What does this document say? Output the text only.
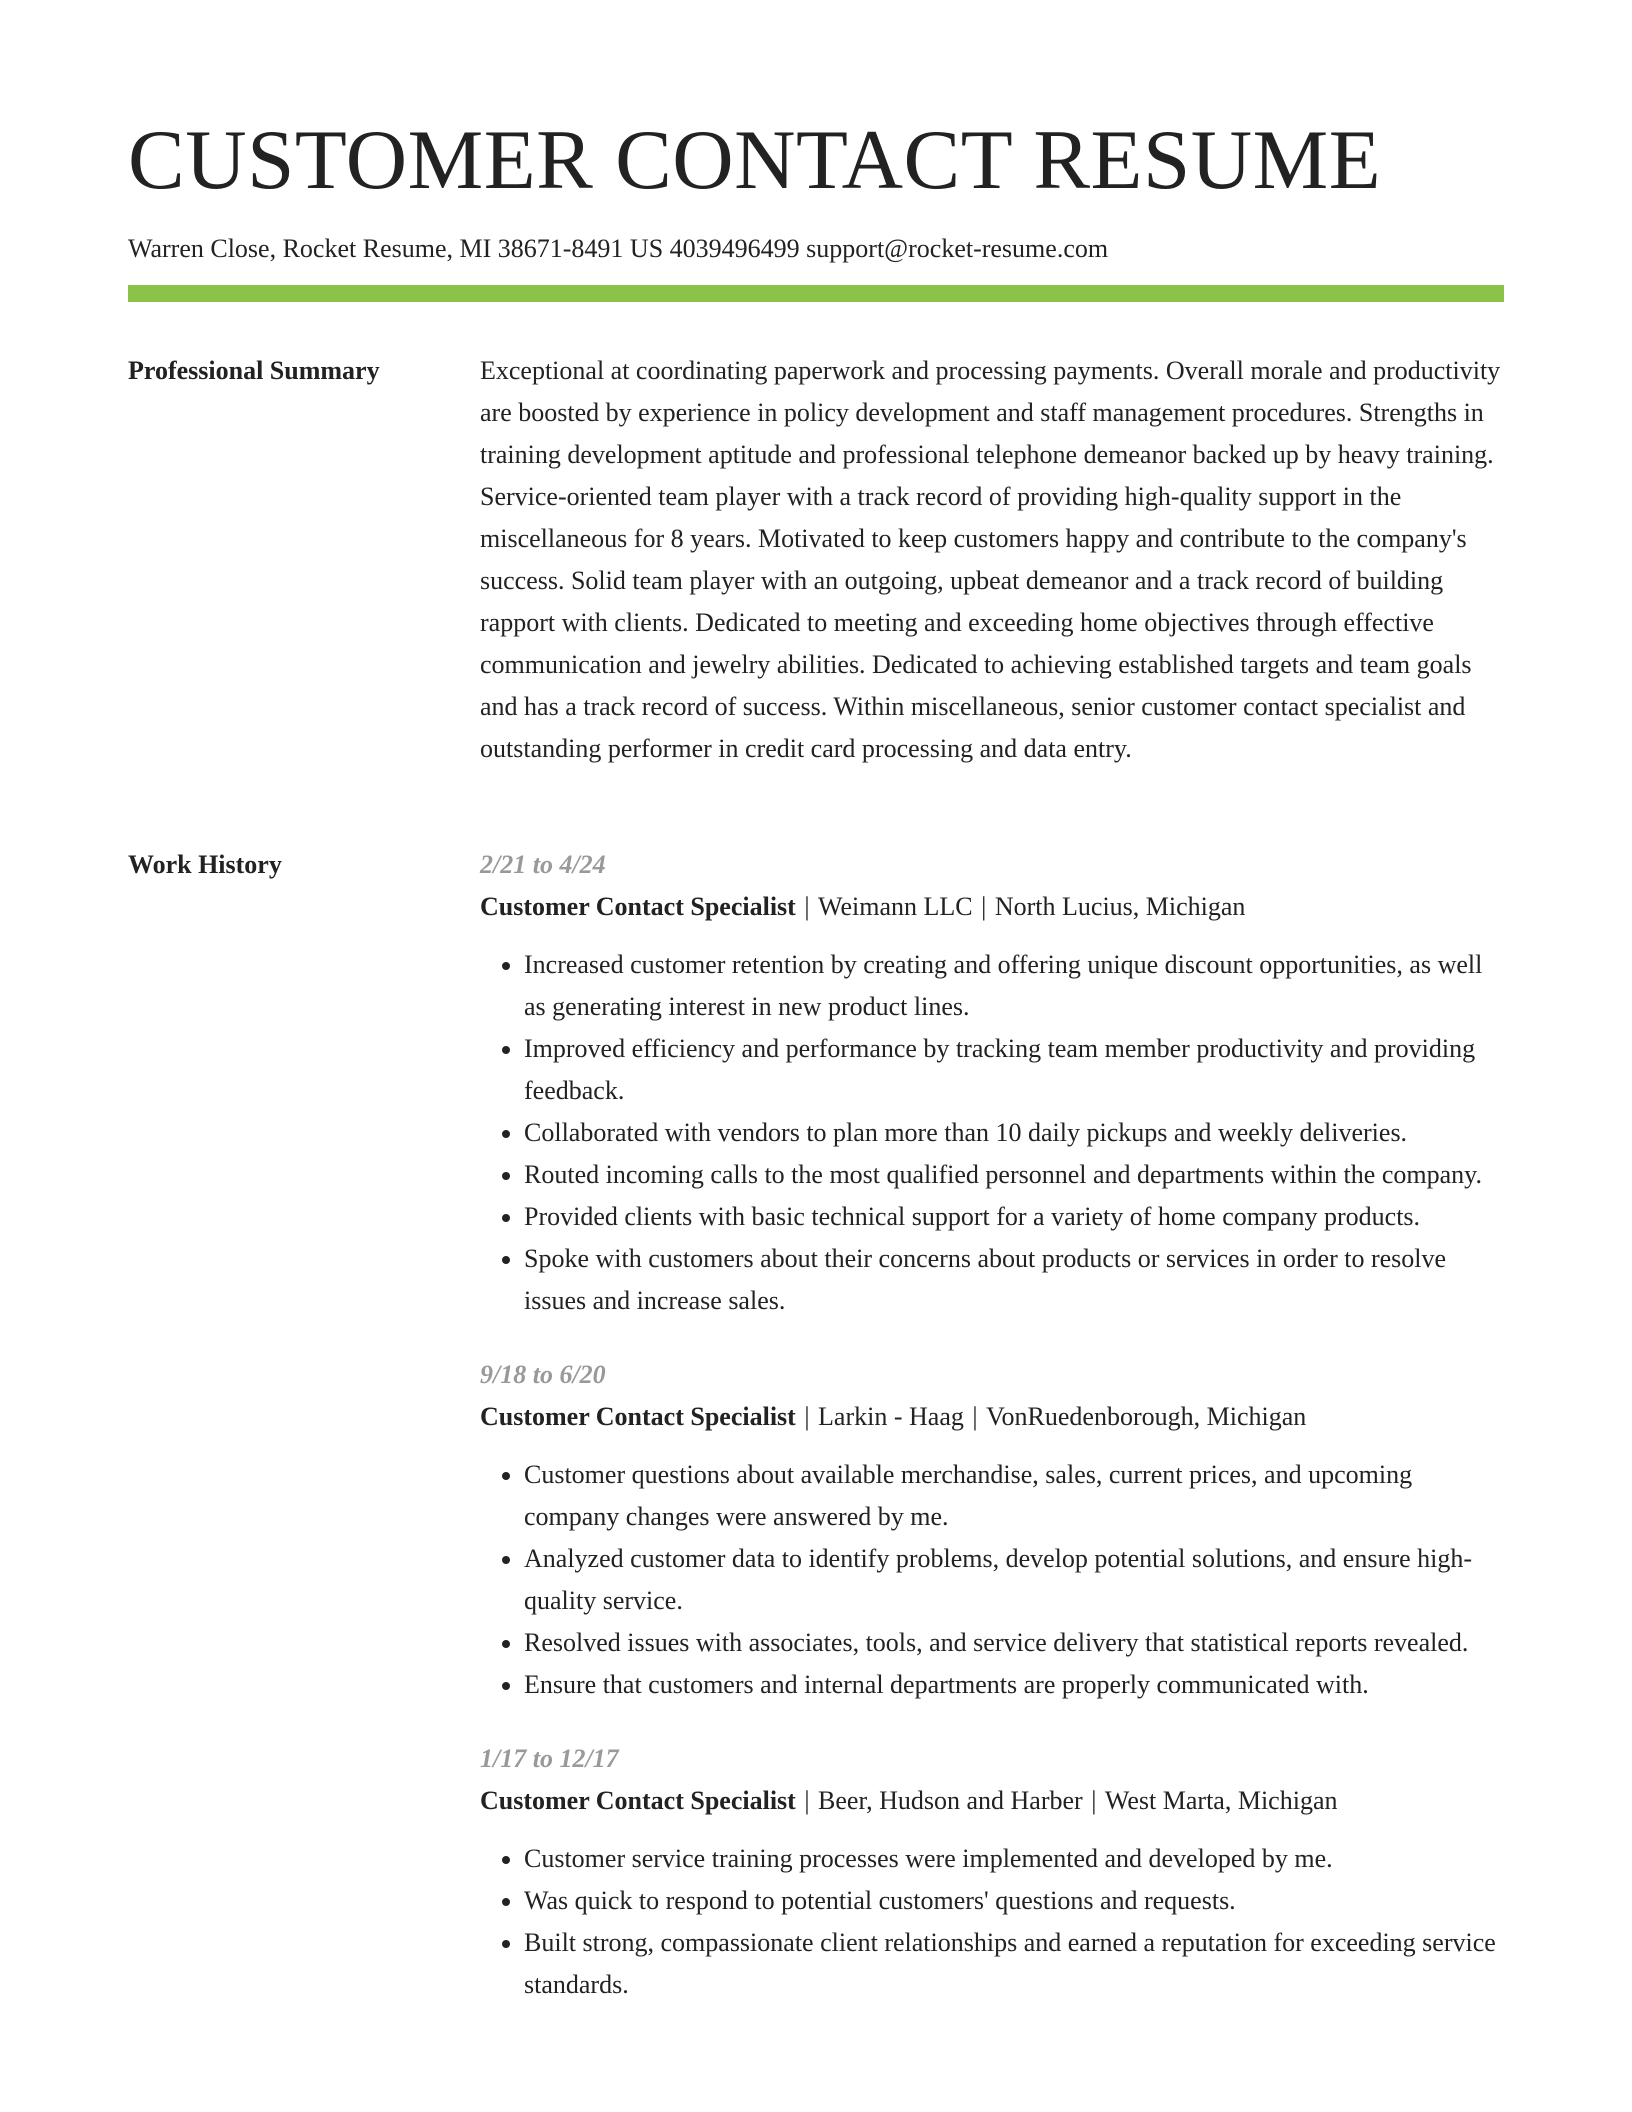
CUSTOMER CONTACT RESUME
Warren Close, Rocket Resume, MI 38671-8491 US 4039496499 support@rocket-resume.com
Professional Summary	Exceptional at coordinating paperwork and processing payments. Overall morale and productivity are boosted by experience in policy development and staff management procedures. Strengths in training development aptitude and professional telephone demeanor backed up by heavy training. Service-oriented team player with a track record of providing high-quality support in the miscellaneous for 8 years. Motivated to keep customers happy and contribute to the company's success. Solid team player with an outgoing, upbeat demeanor and a track record of building rapport with clients. Dedicated to meeting and exceeding home objectives through effective communication and jewelry abilities. Dedicated to achieving established targets and team goals and has a track record of success. Within miscellaneous, senior customer contact specialist and outstanding performer in credit card processing and data entry.

Work History	2/21 to 4/24
Customer Contact Specialist | Weimann LLC | North Lucius, Michigan
• Increased customer retention by creating and offering unique discount opportunities, as well as generating interest in new product lines.
• Improved efficiency and performance by tracking team member productivity and providing feedback.
• Collaborated with vendors to plan more than 10 daily pickups and weekly deliveries.
• Routed incoming calls to the most qualified personnel and departments within the company.
• Provided clients with basic technical support for a variety of home company products.
• Spoke with customers about their concerns about products or services in order to resolve issues and increase sales.
9/18 to 6/20
Customer Contact Specialist | Larkin - Haag | VonRuedenborough, Michigan
• Customer questions about available merchandise, sales, current prices, and upcoming company changes were answered by me.
• Analyzed customer data to identify problems, develop potential solutions, and ensure high-quality service.
• Resolved issues with associates, tools, and service delivery that statistical reports revealed.
• Ensure that customers and internal departments are properly communicated with.
1/17 to 12/17
Customer Contact Specialist | Beer, Hudson and Harber | West Marta, Michigan
• Customer service training processes were implemented and developed by me.
• Was quick to respond to potential customers' questions and requests.
• Built strong, compassionate client relationships and earned a reputation for exceeding service standards.
